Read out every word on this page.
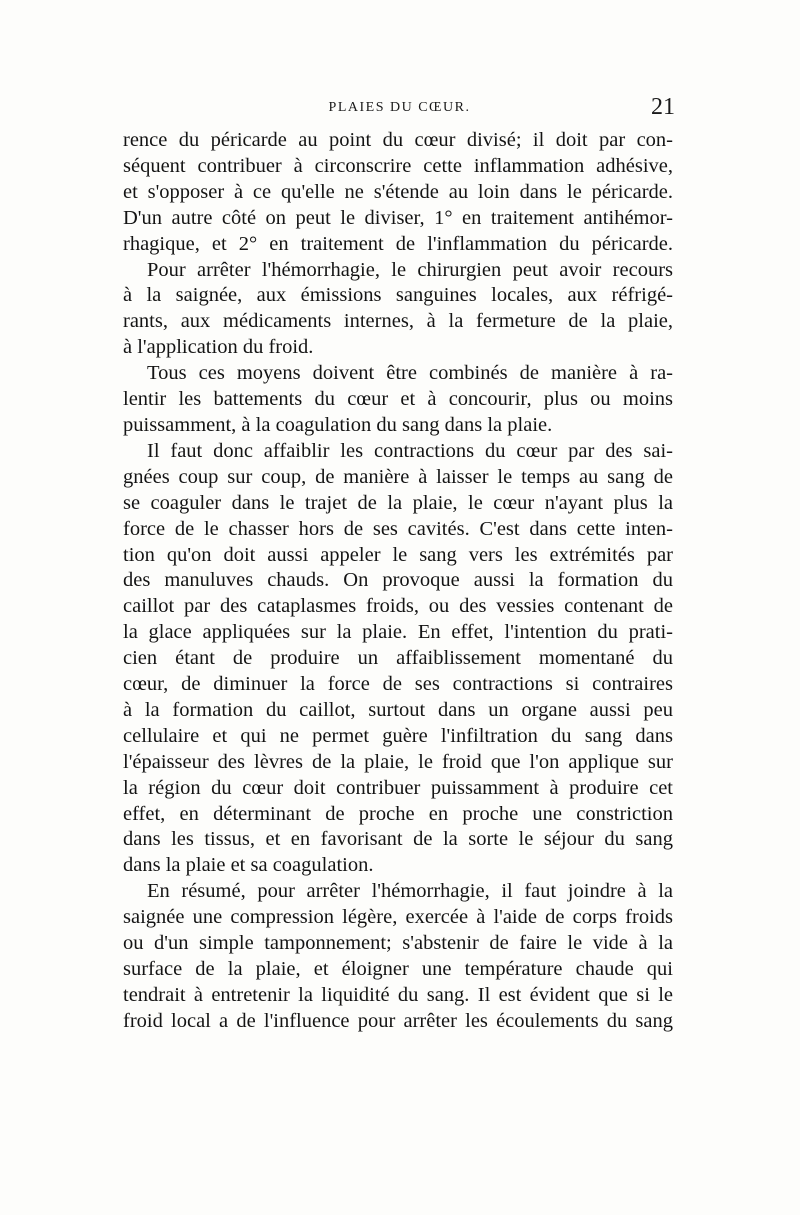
PLAIES DU CŒUR.	21

rence du péricarde au point du cœur divisé; il doit par con-
séquent contribuer à circonscrire cette inflammation adhésive,
et s'opposer à ce qu'elle ne s'étende au loin dans le péricarde.
D'un autre côté on peut le diviser, 1° en traitement antihémor-
rhagique, et 2° en traitement de l'inflammation du péricarde.

Pour arrêter l'hémorrhagie, le chirurgien peut avoir recours
à la saignée, aux émissions sanguines locales, aux réfrigé-
rants, aux médicaments internes, à la fermeture de la plaie,
à l'application du froid.

Tous ces moyens doivent être combinés de manière à ra-
lentir les battements du cœur et à concourir, plus ou moins
puissamment, à la coagulation du sang dans la plaie.

Il faut donc affaiblir les contractions du cœur par des sai-
gnées coup sur coup, de manière à laisser le temps au sang de
se coaguler dans le trajet de la plaie, le cœur n'ayant plus la
force de le chasser hors de ses cavités. C'est dans cette inten-
tion qu'on doit aussi appeler le sang vers les extrémités par
des manuluves chauds. On provoque aussi la formation du
caillot par des cataplasmes froids, ou des vessies contenant de
la glace appliquées sur la plaie. En effet, l'intention du prati-
cien étant de produire un affaiblissement momentané du
cœur, de diminuer la force de ses contractions si contraires
à la formation du caillot, surtout dans un organe aussi peu
cellulaire et qui ne permet guère l'infiltration du sang dans
l'épaisseur des lèvres de la plaie, le froid que l'on applique sur
la région du cœur doit contribuer puissamment à produire cet
effet, en déterminant de proche en proche une constriction
dans les tissus, et en favorisant de la sorte le séjour du sang
dans la plaie et sa coagulation.

En résumé, pour arrêter l'hémorrhagie, il faut joindre à la
saignée une compression légère, exercée à l'aide de corps froids
ou d'un simple tamponnement; s'abstenir de faire le vide à la
surface de la plaie, et éloigner une température chaude qui
tendrait à entretenir la liquidité du sang. Il est évident que si le
froid local a de l'influence pour arrêter les écoulements du sang
